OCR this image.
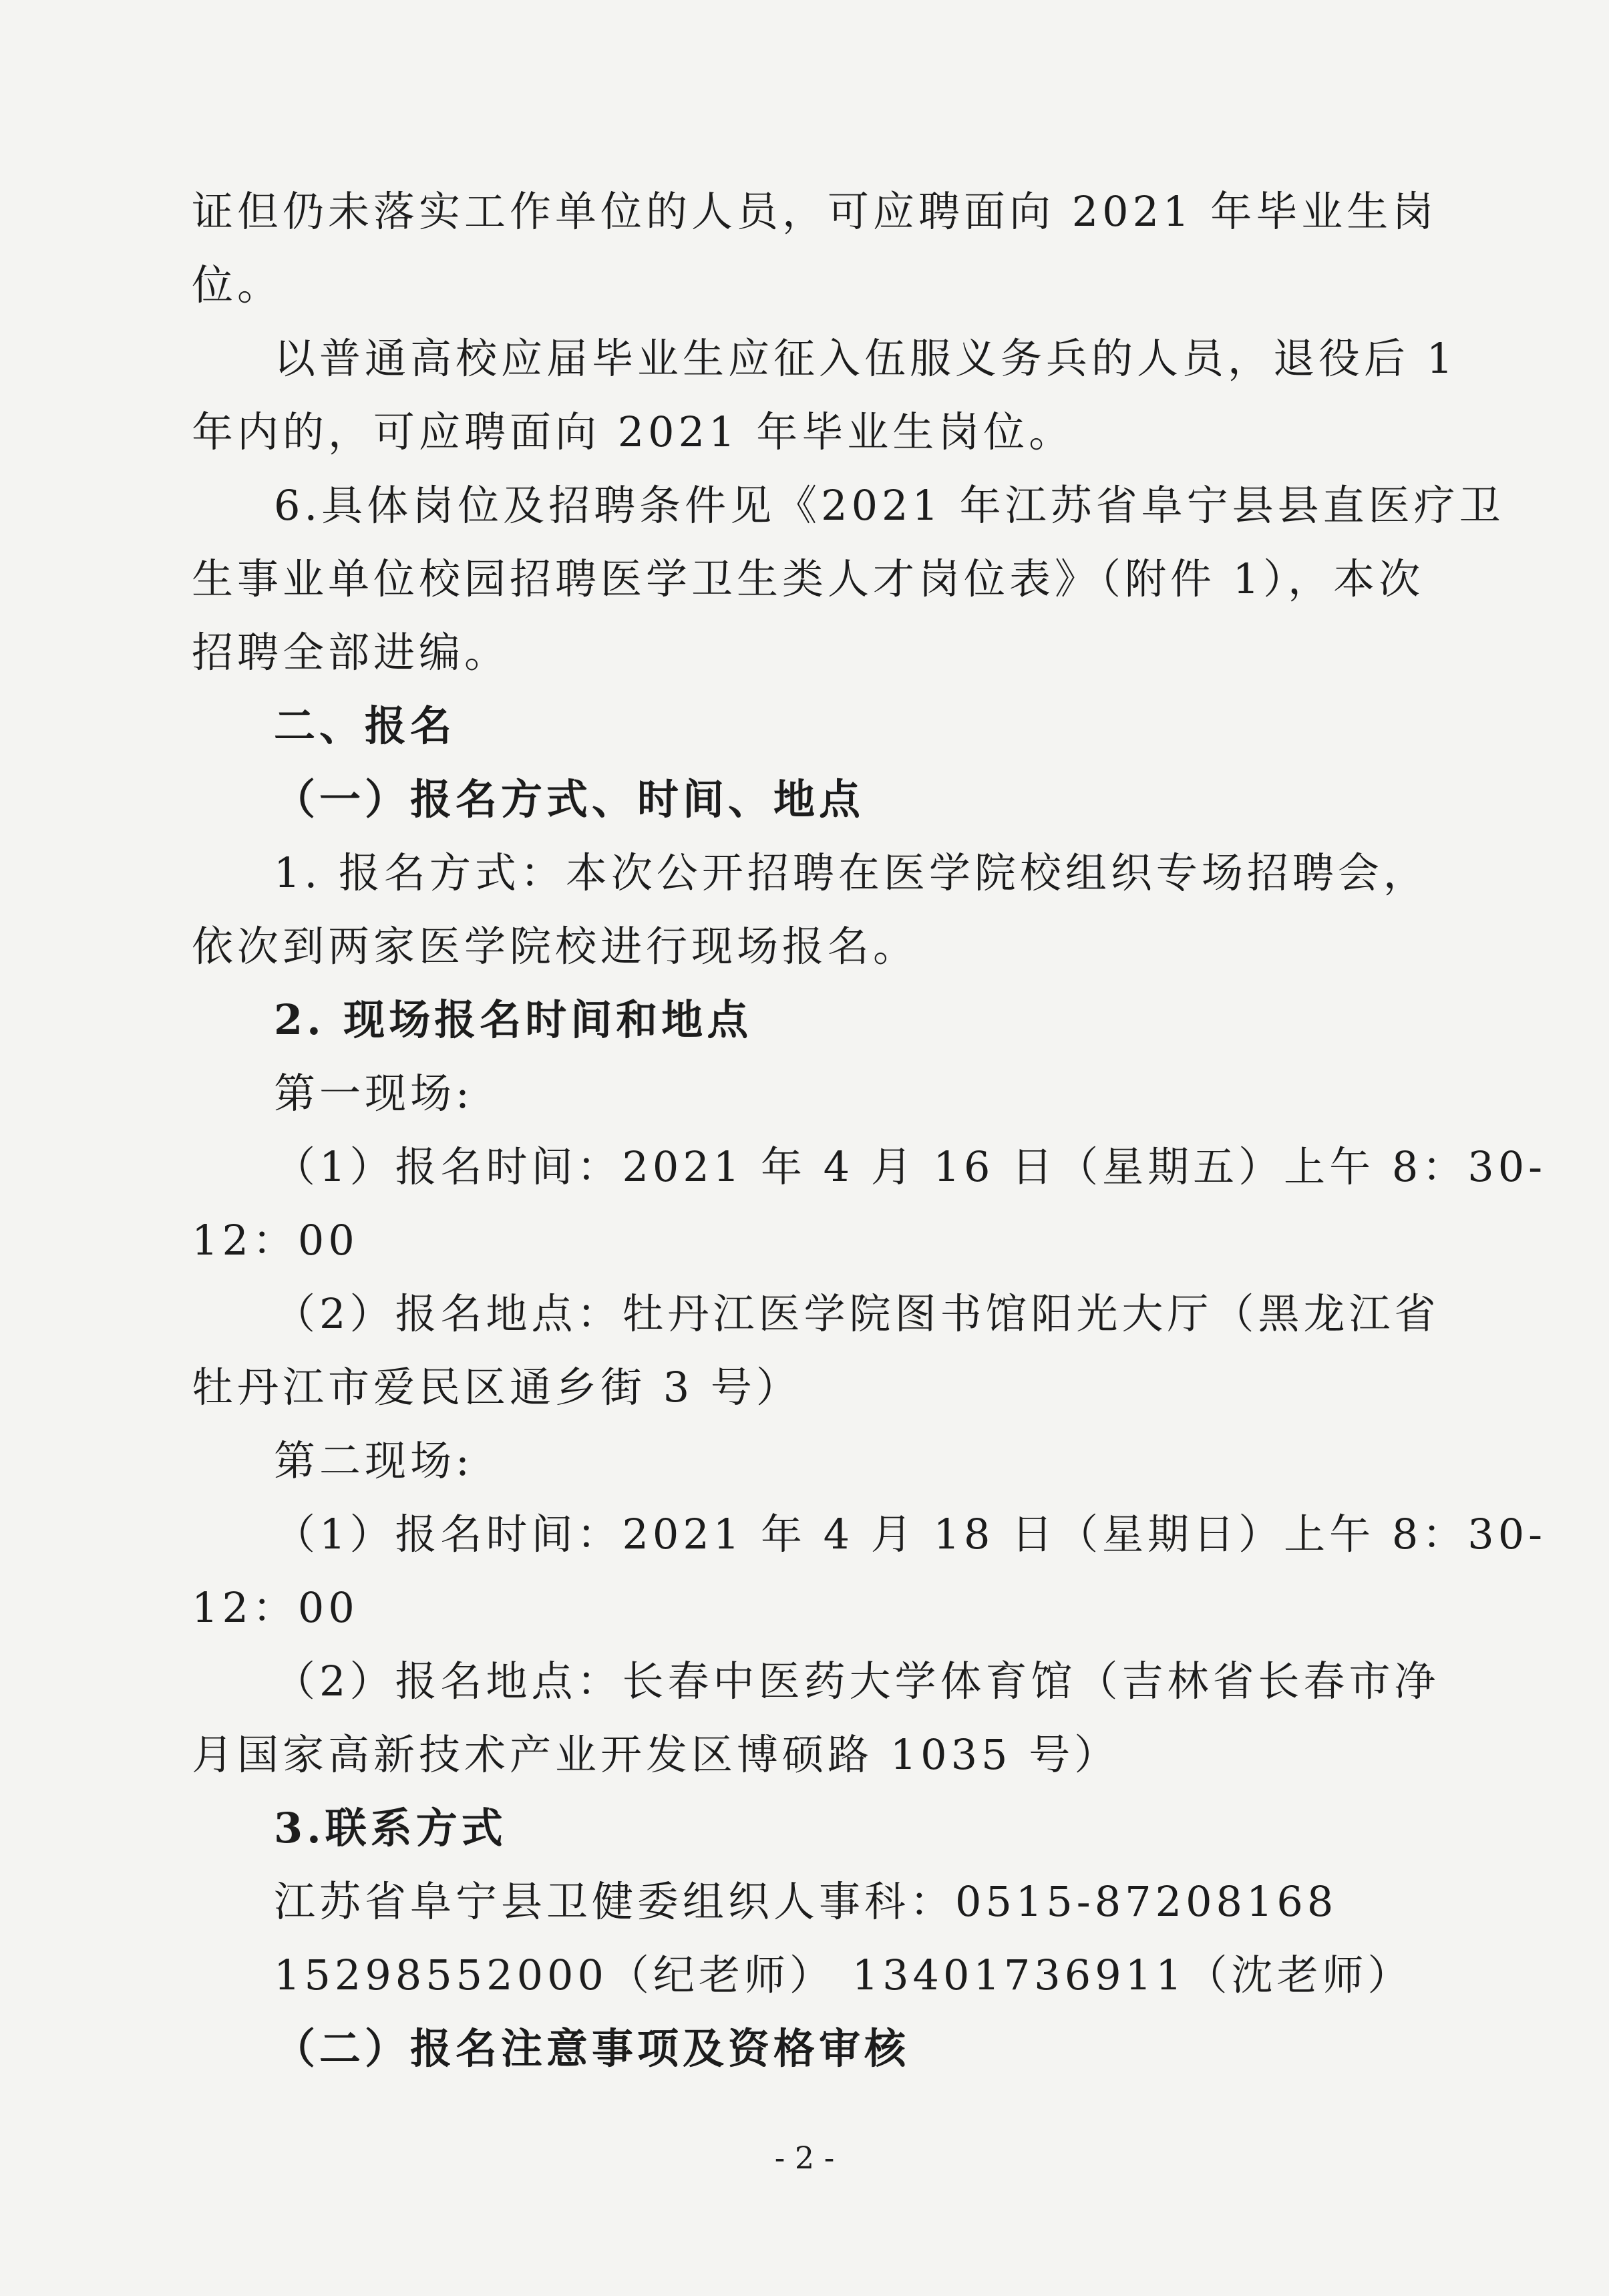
证但仍未落实工作单位的人员，可应聘面向 2021 年毕业生岗
位。
以普通高校应届毕业生应征入伍服义务兵的人员，退役后 1
年内的，可应聘面向 2021 年毕业生岗位。
6.具体岗位及招聘条件见《2021 年江苏省阜宁县县直医疗卫
生事业单位校园招聘医学卫生类人才岗位表》（附件 1），本次
招聘全部进编。
二、报名
（一）报名方式、时间、地点
1. 报名方式：本次公开招聘在医学院校组织专场招聘会，
依次到两家医学院校进行现场报名。
2. 现场报名时间和地点
第一现场:
（1）报名时间：2021 年 4 月 16 日（星期五）上午 8：30-
12：00
（2）报名地点：牡丹江医学院图书馆阳光大厅（黑龙江省
牡丹江市爱民区通乡街 3 号）
第二现场:
（1）报名时间：2021 年 4 月 18 日（星期日）上午 8：30-
12：00
（2）报名地点：长春中医药大学体育馆（吉林省长春市净
月国家高新技术产业开发区博硕路 1035 号）
3.联系方式
江苏省阜宁县卫健委组织人事科：0515-87208168
15298552000（纪老师） 13401736911（沈老师）
（二）报名注意事项及资格审核
- 2 -
